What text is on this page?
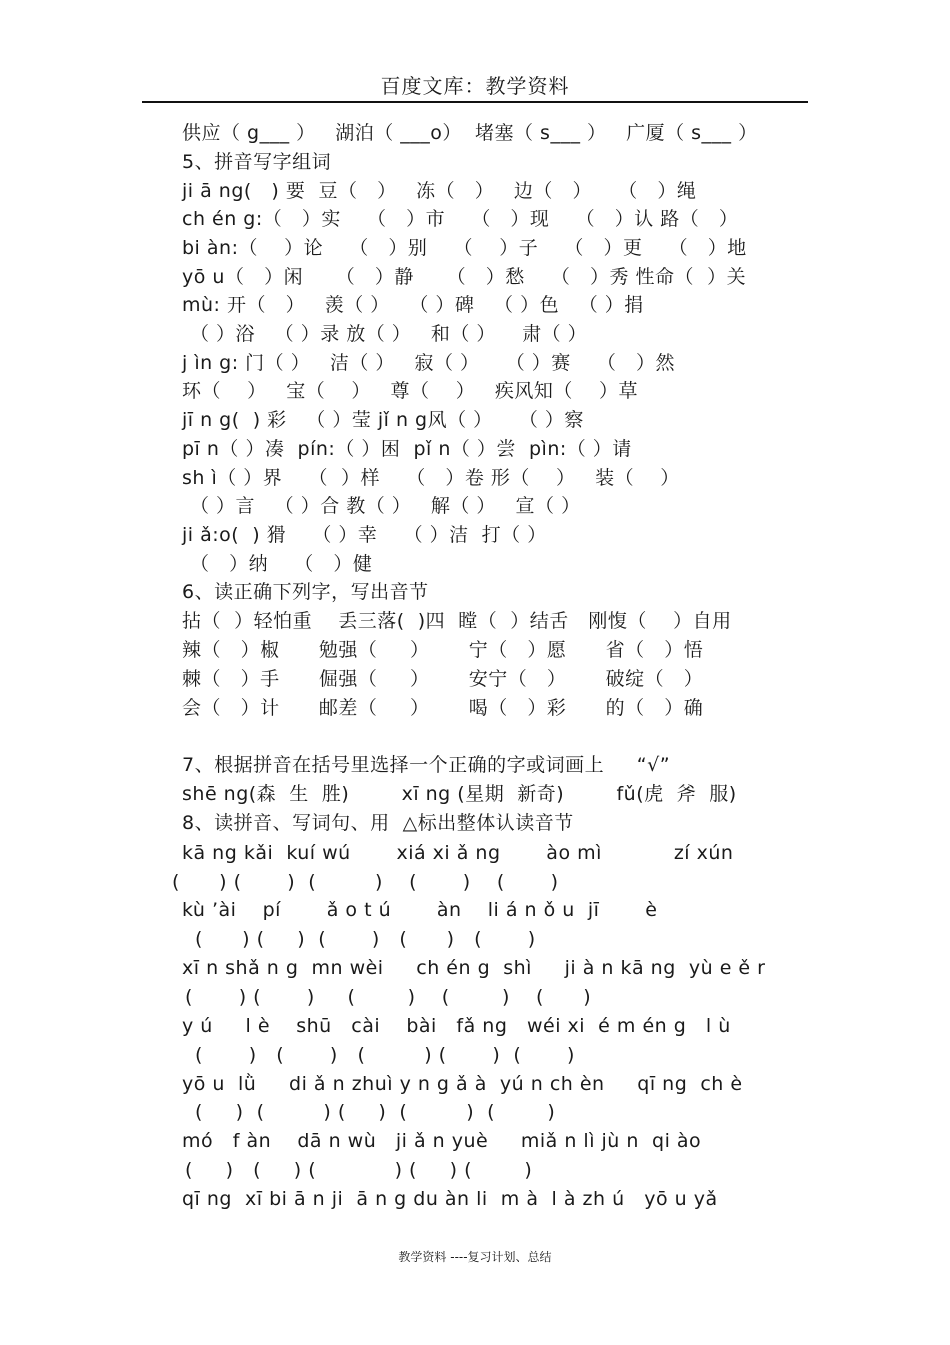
百度文库：教学资料
供应（ g___ ）   湖泊（ ___o）  堵塞（ s___ ）   广厦（ s___ ）
5、拼音写字组词
ji ā ng(   ) 要  豆（   ）   冻（   ）   边（   ）    （   ）绳
ch én g:（   ）实    （   ）市    （   ）现    （   ）认 路（   ）
bi àn:（    ）论    （   ）别    （    ）子    （   ）更    （   ）地
yō u（   ）闲     （   ）静     （   ）愁    （   ）秀 性命（  ）关
mù: 开（   ）   羡（ ）   （ ）碑   （ ）色   （ ）捐
（ ）浴   （ ）录 放（ ）   和（ ）    肃（ ）
j ìn g: 门（ ）   洁（ ）   寂（ ）    （ ）赛    （   ）然
环（    ）   宝（    ）   尊（    ）   疾风知（    ）草
jī n g(  ) 彩   （ ）莹 jǐ n g风（ ）    （ ）察
pī n（ ）凑  pín:（ ）困  pǐ n（ ）尝  pìn:（ ）请
sh ì（ ）界    （  ）样    （   ）卷 形（    ）   装（    ）
（ ）言   （ ）合 教（ ）   解（ ）   宣（ ）
ji ǎ:o(  ) 猾    （ ）幸    （ ）洁  打（ ）
（   ）纳    （   ）健
6、读正确下列字，写出音节
拈（  ）轻怕重    丢三落(  )四  瞠（  ）结舌   刚愎（    ）自用
辣（   ）椒      勉强（     ）      宁（   ）愿      省（   ）悟
棘（   ）手      倔强（     ）      安宁（   ）      破绽（   ）
会（   ）计      邮差（     ）      喝（   ）彩      的（   ）确
7、根据拼音在括号里选择一个正确的字或词画上     “√”
shē ng(森  生  胜)        xī ng (星期  新奇)        fǔ(虎  斧  服)
8、读拼音、写词句、用  △标出整体认读音节
kā ng kǎi  kuí wú       xiá xi ǎ ng       ào mì           zí xún
(      ) (       )  (         )    (       )    (       )
kù ’ài    pí       ǎ o t ú       àn    li á n ǒ u  jī       è
(      ) (     )  (       )   (      )   (       )
xī n shǎ n g  mn wèi     ch én g  shì     ji à n kā ng  yù e ě r
(       ) (       )     (        )    (        )    (      )
y ú     l è    shū   cài    bài   fǎ ng   wéi xi  é m én g   l ù
(       )   (       )   (         ) (       )  (       )
yō u  lǜ     di ǎ n zhuì y n g ǎ à  yú n ch èn     qī ng  ch è
(     )  (         ) (     )  (         )  (        )
mó   f àn    dā n wù   ji ǎ n yuè     miǎ n lì jù n  qi ào
(     )   (     ) (            ) (     ) (        )
qī ng  xī bi ā n ji  ā n g du àn li  m à  l à zh ú   yō u yǎ
教学资料 ----复习计划、总结
